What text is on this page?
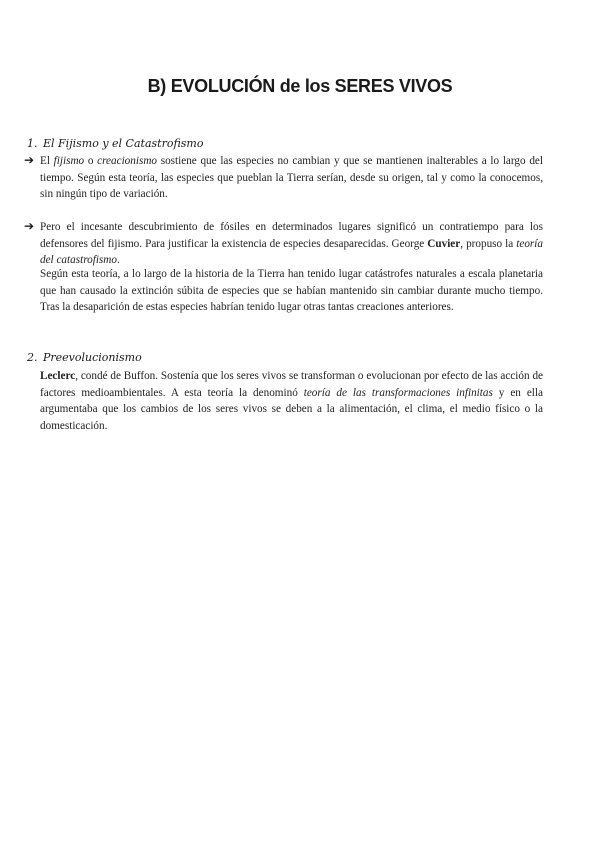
B) EVOLUCIÓN de los SERES VIVOS
1. El Fijismo y el Catastrofismo
➔ El fijismo o creacionismo sostiene que las especies no cambian y que se mantienen inalterables a lo largo del tiempo. Según esta teoría, las especies que pueblan la Tierra serían, desde su origen, tal y como la conocemos, sin ningún tipo de variación.
➔ Pero el incesante descubrimiento de fósiles en determinados lugares significó un contratiempo para los defensores del fijismo. Para justificar la existencia de especies desaparecidas. George Cuvier, propuso la teoría del catastrofismo.
Según esta teoría, a lo largo de la historia de la Tierra han tenido lugar catástrofes naturales a escala planetaria que han causado la extinción súbita de especies que se habían mantenido sin cambiar durante mucho tiempo. Tras la desaparición de estas especies habrían tenido lugar otras tantas creaciones anteriores.
2. Preevolucionismo
Leclerc, condé de Buffon. Sostenía que los seres vivos se transforman o evolucionan por efecto de las acción de factores medioambientales. A esta teoría la denominó teoría de las transformaciones infinitas y en ella argumentaba que los cambios de los seres vivos se deben a la alimentación, el clima, el medio físico o la domesticación.
